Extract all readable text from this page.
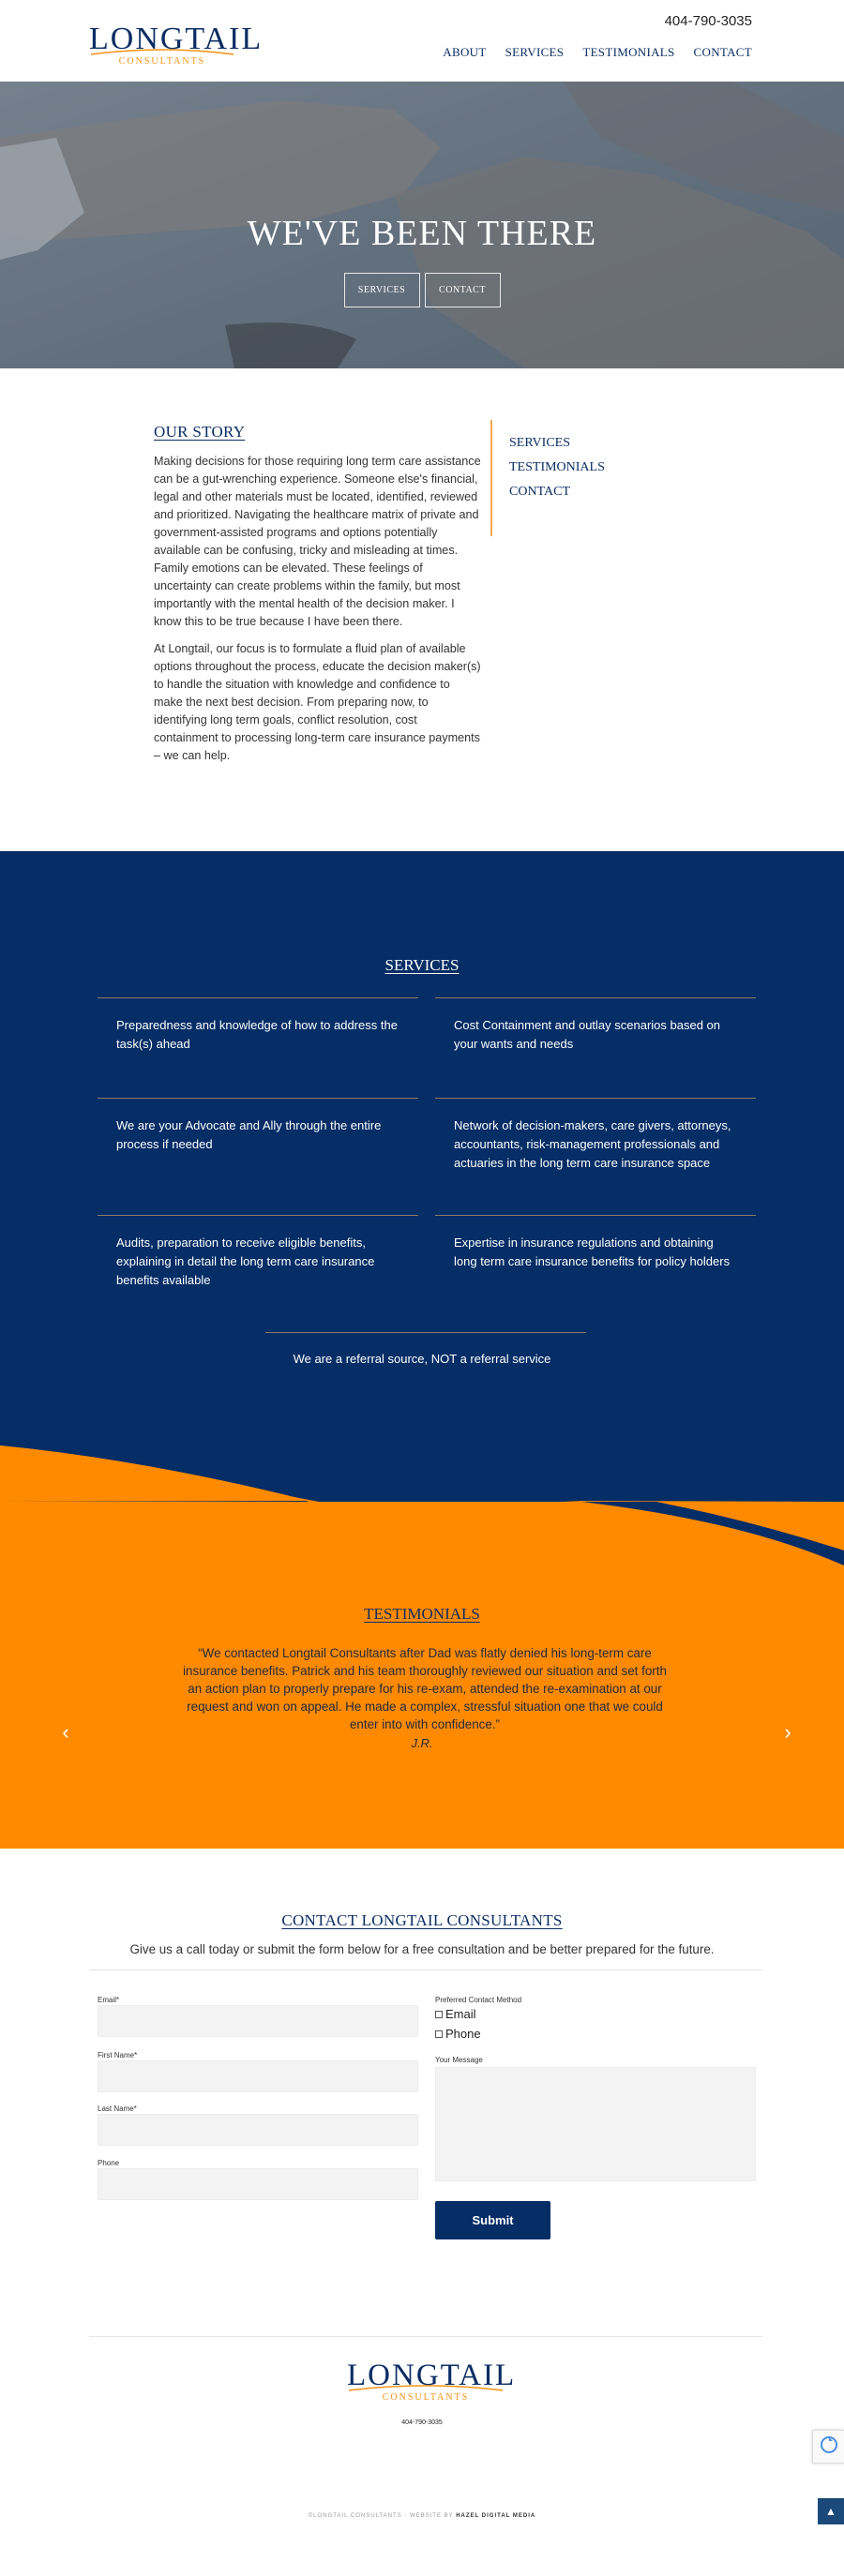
LONGTAIL
CONSULTANTS
404-790-3035
ABOUT SERVICES TESTIMONIALS CONTACT
WE'VE BEEN THERE
SERVICES	CONTACT
OUR STORY

Making decisions for those requiring long term care assistance can be a gut-wrenching experience. Someone else's financial, legal and other materials must be located, identified, reviewed and prioritized. Navigating the healthcare matrix of private and government-assisted programs and options potentially available can be confusing, tricky and misleading at times. Family emotions can be elevated. These feelings of uncertainty can create problems within the family, but most importantly with the mental health of the decision maker. I know this to be true because I have been there.

At Longtail, our focus is to formulate a fluid plan of available options throughout the process, educate the decision maker(s) to handle the situation with knowledge and confidence to make the next best decision. From preparing now, to identifying long term goals, conflict resolution, cost containment to processing long-term care insurance payments – we can help.

SERVICES
TESTIMONIALS
CONTACT
SERVICES
Preparedness and knowledge of how to address the task(s) ahead
Cost Containment and outlay scenarios based on your wants and needs
We are your Advocate and Ally through the entire process if needed
Network of decision-makers, care givers, attorneys, accountants, risk-management professionals and actuaries in the long term care insurance space
Audits, preparation to receive eligible benefits, explaining in detail the long term care insurance benefits available
Expertise in insurance regulations and obtaining long term care insurance benefits for policy holders
We are a referral source, NOT a referral service
TESTIMONIALS
“We contacted Longtail Consultants after Dad was flatly denied his long-term care insurance benefits. Patrick and his team thoroughly reviewed our situation and set forth an action plan to properly prepare for his re-exam, attended the re-examination at our request and won on appeal. He made a complex, stressful situation one that we could enter into with confidence.”
J.R.
‹	›
CONTACT LONGTAIL CONSULTANTS
Give us a call today or submit the form below for a free consultation and be better prepared for the future.
Email*
First Name*
Last Name*
Phone
Preferred Contact Method
Email
Phone
Your Message
Submit
LONGTAIL
CONSULTANTS
404-790-3035
©LONGTAIL CONSULTANTS · WEBSITE BY HAZEL DIGITAL MEDIA	▲
